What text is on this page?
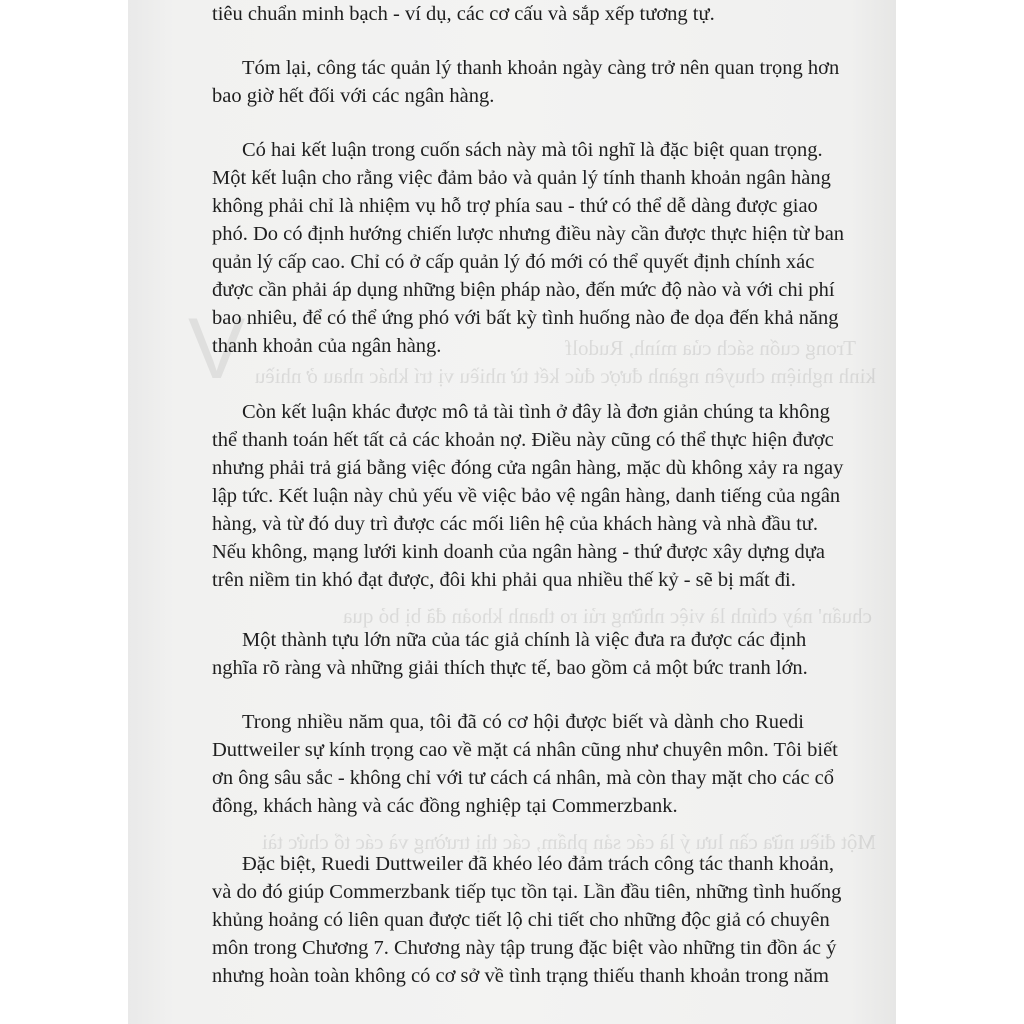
V	Trong cuốn sách của mình, Rudolf
kinh nghiệm chuyên ngành được đúc kết từ nhiều vị trí khác nhau ở nhiều
chuẩn' này chính là việc những rủi ro thanh khoản đã bị bỏ qua
Một điều nữa cần lưu ý là các sản phẩm, các thị trường và các tổ chức tài
tiêu chuẩn minh bạch - ví dụ, các cơ cấu và sắp xếp tương tự.
Tóm lại, công tác quản lý thanh khoản ngày càng trở nên quan trọng hơn
bao giờ hết đối với các ngân hàng.
Có hai kết luận trong cuốn sách này mà tôi nghĩ là đặc biệt quan trọng.
Một kết luận cho rằng việc đảm bảo và quản lý tính thanh khoản ngân hàng
không phải chỉ là nhiệm vụ hỗ trợ phía sau - thứ có thể dễ dàng được giao
phó. Do có định hướng chiến lược nhưng điều này cần được thực hiện từ ban
quản lý cấp cao. Chỉ có ở cấp quản lý đó mới có thể quyết định chính xác
được cần phải áp dụng những biện pháp nào, đến mức độ nào và với chi phí
bao nhiêu, để có thể ứng phó với bất kỳ tình huống nào đe dọa đến khả năng
thanh khoản của ngân hàng.
Còn kết luận khác được mô tả tài tình ở đây là đơn giản chúng ta không
thể thanh toán hết tất cả các khoản nợ. Điều này cũng có thể thực hiện được
nhưng phải trả giá bằng việc đóng cửa ngân hàng, mặc dù không xảy ra ngay
lập tức. Kết luận này chủ yếu về việc bảo vệ ngân hàng, danh tiếng của ngân
hàng, và từ đó duy trì được các mối liên hệ của khách hàng và nhà đầu tư.
Nếu không, mạng lưới kinh doanh của ngân hàng - thứ được xây dựng dựa
trên niềm tin khó đạt được, đôi khi phải qua nhiều thế kỷ - sẽ bị mất đi.
Một thành tựu lớn nữa của tác giả chính là việc đưa ra được các định
nghĩa rõ ràng và những giải thích thực tế, bao gồm cả một bức tranh lớn.
Trong nhiều năm qua, tôi đã có cơ hội được biết và dành cho Ruedi
Duttweiler sự kính trọng cao về mặt cá nhân cũng như chuyên môn. Tôi biết
ơn ông sâu sắc - không chỉ với tư cách cá nhân, mà còn thay mặt cho các cổ
đông, khách hàng và các đồng nghiệp tại Commerzbank.
Đặc biệt, Ruedi Duttweiler đã khéo léo đảm trách công tác thanh khoản,
và do đó giúp Commerzbank tiếp tục tồn tại. Lần đầu tiên, những tình huống
khủng hoảng có liên quan được tiết lộ chi tiết cho những độc giả có chuyên
môn trong Chương 7. Chương này tập trung đặc biệt vào những tin đồn ác ý
nhưng hoàn toàn không có cơ sở về tình trạng thiếu thanh khoản trong năm
